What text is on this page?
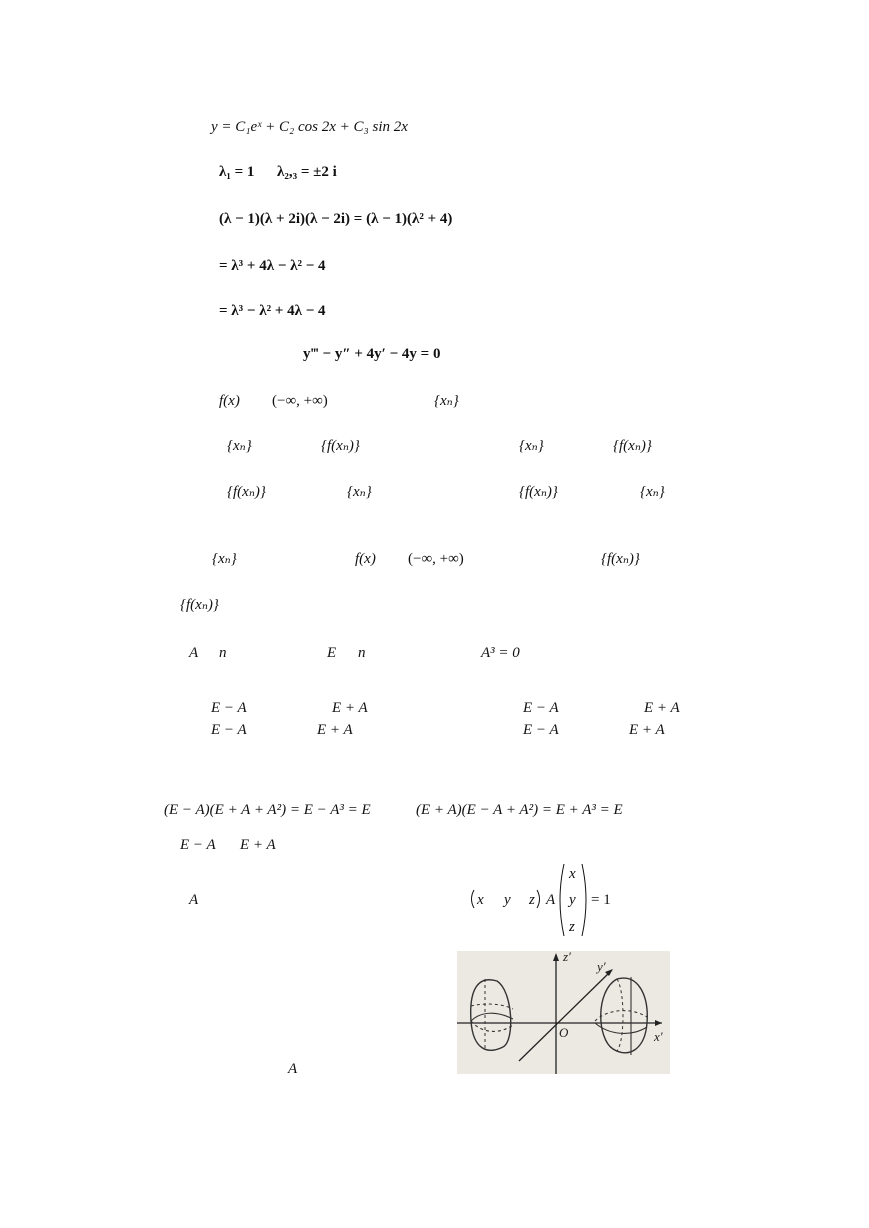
y = C₁eˣ + C₂ cos 2x + C₃ sin 2x
λ₁ = 1 λ₂,₃ = ±2 i
(λ − 1)(λ + 2i)(λ − 2i) = (λ − 1)(λ² + 4)
= λ³ + 4λ − λ² − 4
= λ³ − λ² + 4λ − 4
y‴ − y″ + 4y′ − 4y = 0
f(x) (−∞, +∞)	{xₙ}
{xₙ}	{f(xₙ)}	{xₙ}	{f(xₙ)}
{f(xₙ)}	{xₙ}	{f(xₙ)}	{xₙ}
{xₙ}	f(x) (−∞, +∞)	{f(xₙ)}
{f(xₙ)}
A n	E n	A³ = 0
E − A	E + A	E − A	E + A
E − A	E + A	E − A	E + A
(E − A)(E + A + A²) = E − A³ = E	(E + A)(E − A + A²) = E + A³ = E
E − A E + A
A	x y z A
x
y
z
= 1
z′
y′
x′
O
A
